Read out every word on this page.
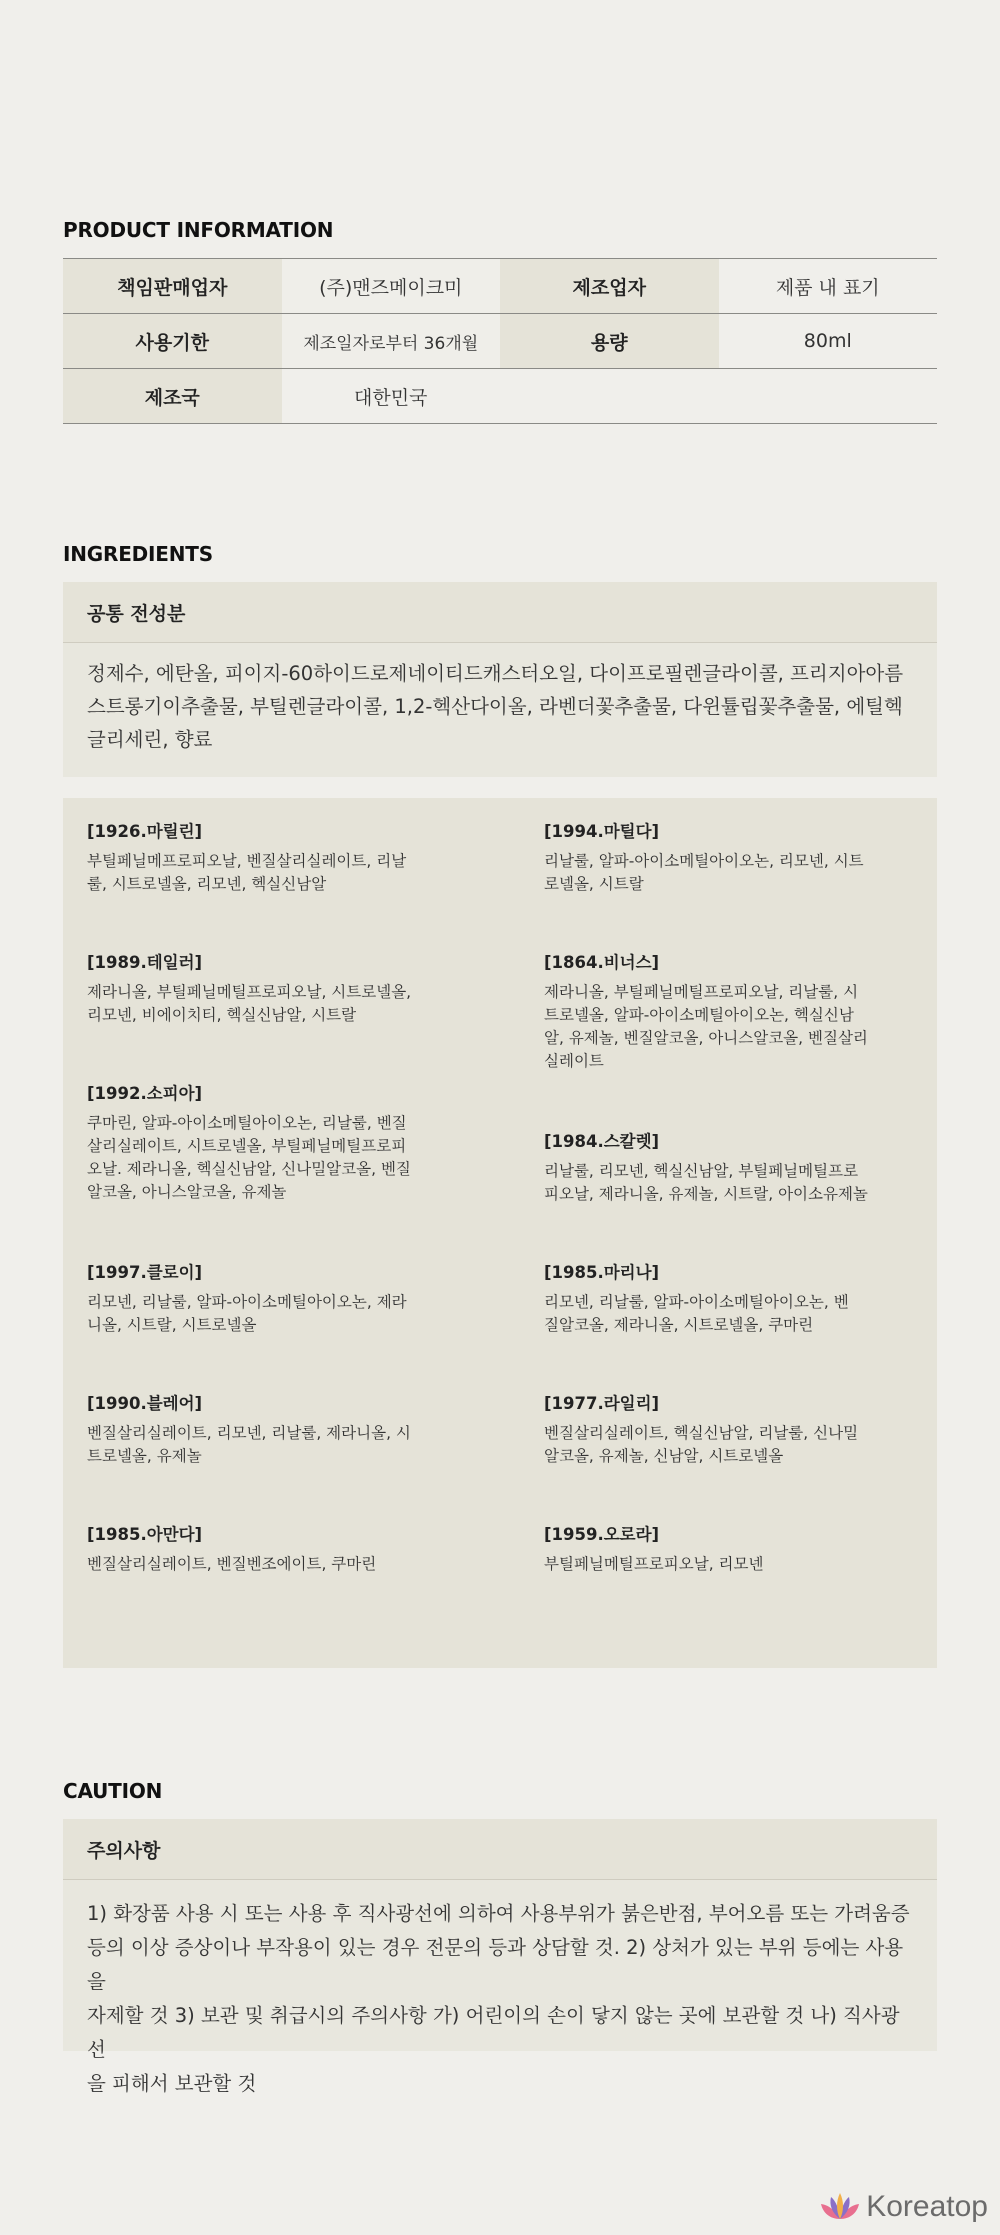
PRODUCT INFORMATION
책임판매업자	(주)맨즈메이크미	제조업자	제품 내 표기
사용기한	제조일자로부터 36개월	용량	80ml
제조국	대한민국
INGREDIENTS
공통 전성분
정제수, 에탄올, 피이지-60하이드로제네이티드캐스터오일, 다이프로필렌글라이콜, 프리지아아름
스트롱기이추출물, 부틸렌글라이콜, 1,2-헥산다이올, 라벤더꽃추출물, 다윈튤립꽃추출물, 에틸헥
글리세린, 향료
[1926.마릴린]
부틸페닐메프로피오날, 벤질살리실레이트, 리날
룰, 시트로넬올, 리모넨, 헥실신남알
[1989.테일러]
제라니올, 부틸페닐메틸프로피오날, 시트로넬올,
리모넨, 비에이치티, 헥실신남알, 시트랄
[1992.소피아]
쿠마린, 알파-아이소메틸아이오논, 리날룰, 벤질
살리실레이트, 시트로넬올, 부틸페닐메틸프로피
오날. 제라니올, 헥실신남알, 신나밀알코올, 벤질
알코올, 아니스알코올, 유제놀
[1997.클로이]
리모넨, 리날룰, 알파-아이소메틸아이오논, 제라
니올, 시트랄, 시트로넬올
[1990.블레어]
벤질살리실레이트, 리모넨, 리날룰, 제라니올, 시
트로넬올, 유제놀
[1985.아만다]
벤질살리실레이트, 벤질벤조에이트, 쿠마린
[1994.마틸다]
리날룰, 알파-아이소메틸아이오논, 리모넨, 시트
로넬올, 시트랄
[1864.비너스]
제라니올, 부틸페닐메틸프로피오날, 리날룰, 시
트로넬올, 알파-아이소메틸아이오논, 헥실신남
알, 유제놀, 벤질알코올, 아니스알코올, 벤질살리
실레이트
[1984.스칼렛]
리날룰, 리모넨, 헥실신남알, 부틸페닐메틸프로
피오날, 제라니올, 유제놀, 시트랄, 아이소유제놀
[1985.마리나]
리모넨, 리날룰, 알파-아이소메틸아이오논, 벤
질알코올, 제라니올, 시트로넬올, 쿠마린
[1977.라일리]
벤질살리실레이트, 헥실신남알, 리날룰, 신나밀
알코올, 유제놀, 신남알, 시트로넬올
[1959.오로라]
부틸페닐메틸프로피오날, 리모넨
CAUTION
주의사항
1) 화장품 사용 시 또는 사용 후 직사광선에 의하여 사용부위가 붉은반점, 부어오름 또는 가려움증
등의 이상 증상이나 부작용이 있는 경우 전문의 등과 상담할 것. 2) 상처가 있는 부위 등에는 사용을
자제할 것 3) 보관 및 취급시의 주의사항 가) 어린이의 손이 닿지 않는 곳에 보관할 것 나) 직사광선
을 피해서 보관할 것
Koreatop
